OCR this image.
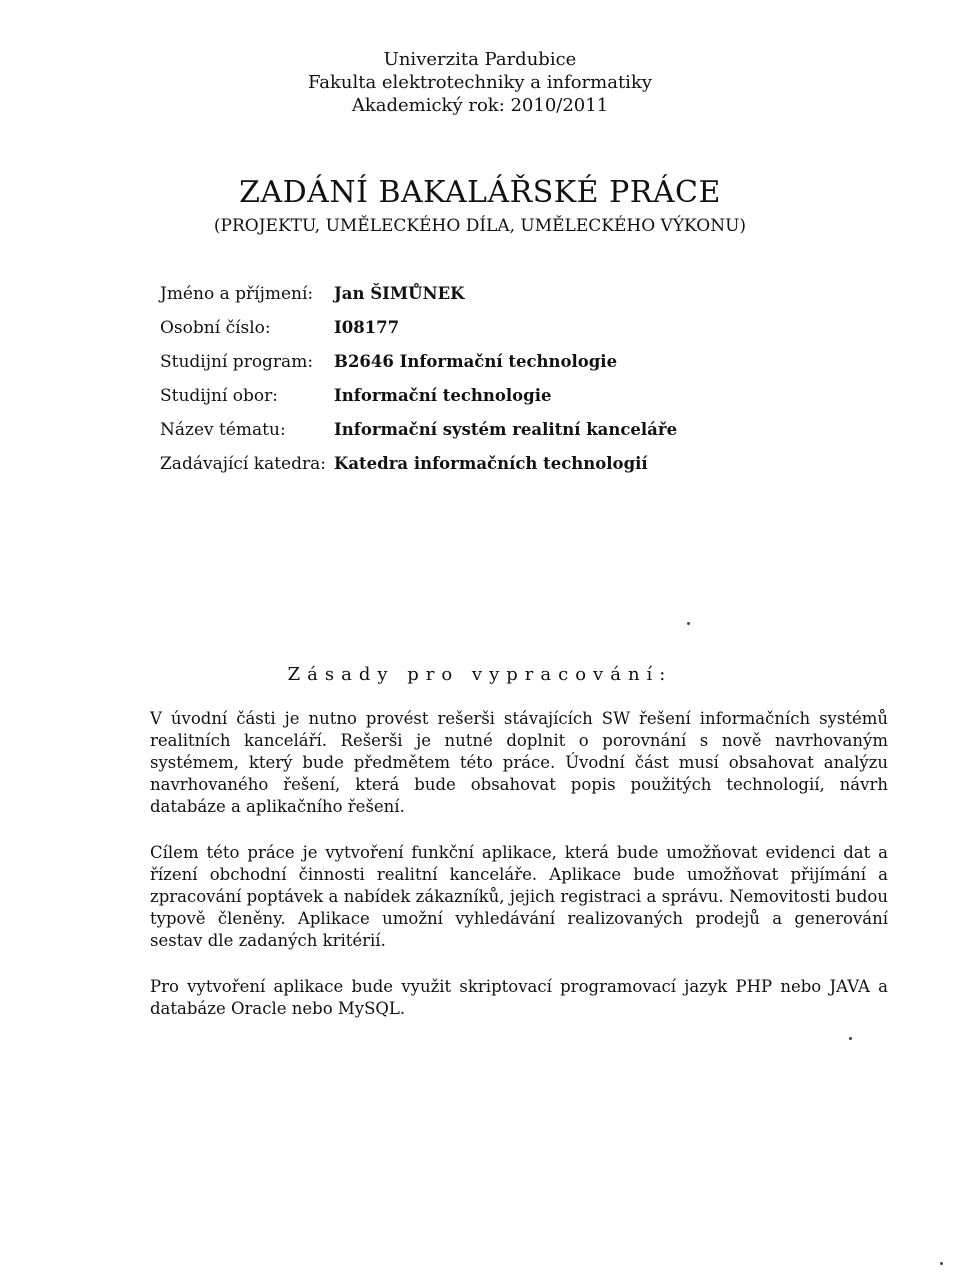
Univerzita Pardubice
Fakulta elektrotechniky a informatiky
Akademický rok: 2010/2011
ZADÁNÍ BAKALÁŘSKÉ PRÁCE
(PROJEKTU, UMĚLECKÉHO DÍLA, UMĚLECKÉHO VÝKONU)
Jméno a příjmení:	Jan ŠIMŮNEK
Osobní číslo:	I08177
Studijní program:	B2646 Informační technologie
Studijní obor:	Informační technologie
Název tématu:	Informační systém realitní kanceláře
Zadávající katedra: Katedra informačních technologií
Zásady pro vypracování:

V úvodní části je nutno provést rešerši stávajících SW řešení informačních systémů realitních kanceláří. Rešerši je nutné doplnit o porovnání s nově navrhovaným systémem, který bude předmětem této práce. Úvodní část musí obsahovat analýzu navrhovaného řešení, která bude obsahovat popis použitých technologií, návrh databáze a aplikačního řešení.

Cílem této práce je vytvoření funkční aplikace, která bude umožňovat evidenci dat a řízení obchodní činnosti realitní kanceláře. Aplikace bude umožňovat přijímání a zpracování poptávek a nabídek zákazníků, jejich registraci a správu. Nemovitosti budou typově členěny. Aplikace umožní vyhledávání realizovaných prodejů a generování sestav dle zadaných kritérií.

Pro vytvoření aplikace bude využit skriptovací programovací jazyk PHP nebo JAVA a databáze Oracle nebo MySQL.
